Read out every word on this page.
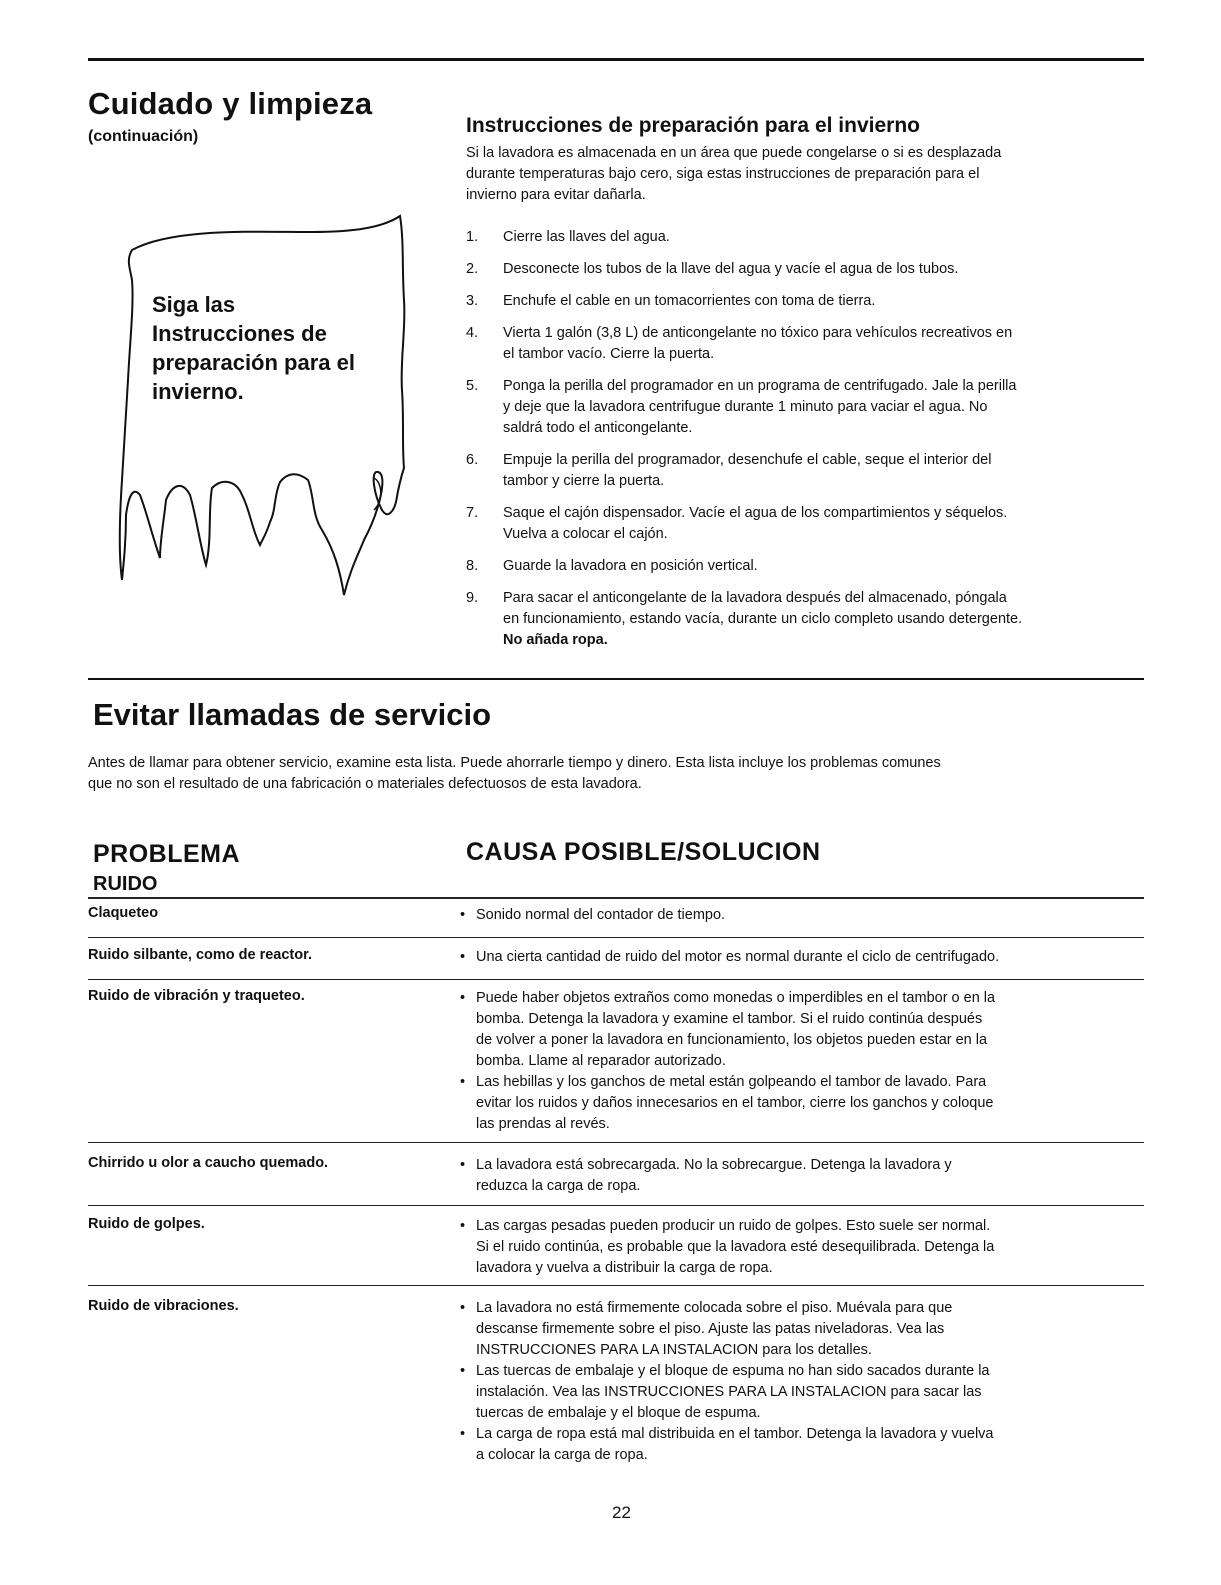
Cuidado y limpieza
(continuación)
Siga las
Instrucciones de
preparación para el
invierno.
Instrucciones de preparación para el invierno
Si la lavadora es almacenada en un área que puede congelarse o si es desplazada
durante temperaturas bajo cero, siga estas instrucciones de preparación para el
invierno para evitar dañarla.
1. Cierre las llaves del agua.
2. Desconecte los tubos de la llave del agua y vacíe el agua de los tubos.
3. Enchufe el cable en un tomacorrientes con toma de tierra.
4. Vierta 1 galón (3,8 L) de anticongelante no tóxico para vehículos recreativos en
el tambor vacío. Cierre la puerta.
5. Ponga la perilla del programador en un programa de centrifugado. Jale la perilla
y deje que la lavadora centrifugue durante 1 minuto para vaciar el agua. No
saldrá todo el anticongelante.
6. Empuje la perilla del programador, desenchufe el cable, seque el interior del
tambor y cierre la puerta.
7. Saque el cajón dispensador. Vacíe el agua de los compartimientos y séquelos.
Vuelva a colocar el cajón.
8. Guarde la lavadora en posición vertical.
9. Para sacar el anticongelante de la lavadora después del almacenado, póngala
en funcionamiento, estando vacía, durante un ciclo completo usando detergente.
No añada ropa.
Evitar llamadas de servicio
Antes de llamar para obtener servicio, examine esta lista. Puede ahorrarle tiempo y dinero. Esta lista incluye los problemas comunes
que no son el resultado de una fabricación o materiales defectuosos de esta lavadora.
PROBLEMA	CAUSA POSIBLE/SOLUCION
RUIDO
Claqueteo	• Sonido normal del contador de tiempo.
Ruido silbante, como de reactor.	• Una cierta cantidad de ruido del motor es normal durante el ciclo de centrifugado.
Ruido de vibración y traqueteo.	• Puede haber objetos extraños como monedas o imperdibles en el tambor o en la
bomba. Detenga la lavadora y examine el tambor. Si el ruido continúa después
de volver a poner la lavadora en funcionamiento, los objetos pueden estar en la
bomba. Llame al reparador autorizado.
• Las hebillas y los ganchos de metal están golpeando el tambor de lavado. Para
evitar los ruidos y daños innecesarios en el tambor, cierre los ganchos y coloque
las prendas al revés.
Chirrido u olor a caucho quemado.	• La lavadora está sobrecargada. No la sobrecargue. Detenga la lavadora y
reduzca la carga de ropa.
Ruido de golpes.	• Las cargas pesadas pueden producir un ruido de golpes. Esto suele ser normal.
Si el ruido continúa, es probable que la lavadora esté desequilibrada. Detenga la
lavadora y vuelva a distribuir la carga de ropa.
Ruido de vibraciones.	• La lavadora no está firmemente colocada sobre el piso. Muévala para que
descanse firmemente sobre el piso. Ajuste las patas niveladoras. Vea las
INSTRUCCIONES PARA LA INSTALACION para los detalles.
• Las tuercas de embalaje y el bloque de espuma no han sido sacados durante la
instalación. Vea las INSTRUCCIONES PARA LA INSTALACION para sacar las
tuercas de embalaje y el bloque de espuma.
• La carga de ropa está mal distribuida en el tambor. Detenga la lavadora y vuelva
a colocar la carga de ropa.
22
